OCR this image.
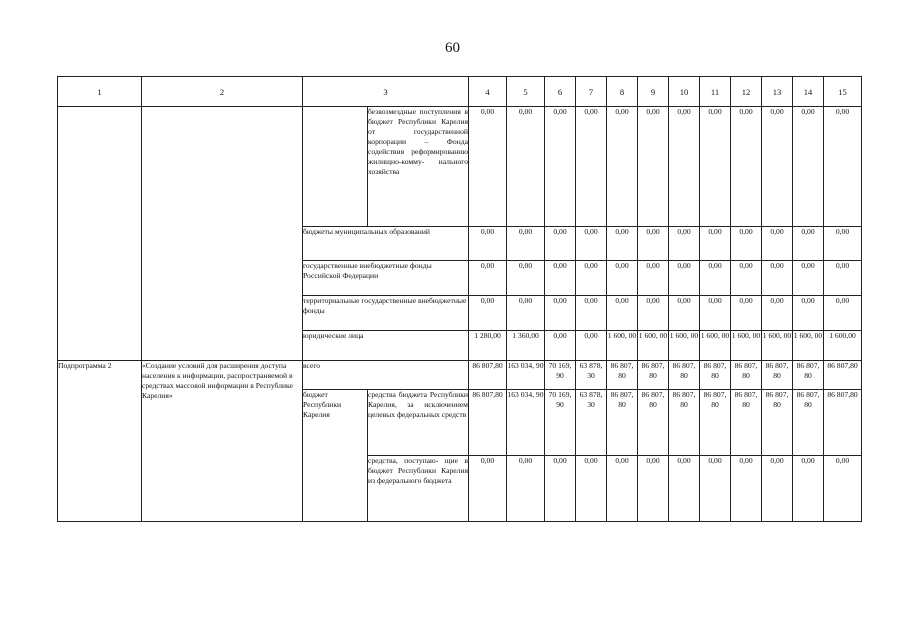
60
1	2	3		4	5	6	7	8	9	10	11	12	13	14	15
			безвозмездные поступления в бюджет Республики Карелия от государственной корпорации – Фонда содействия реформированию жилищно-комму- нального хозяйства	0,00	0,00	0,00	0,00	0,00	0,00	0,00	0,00	0,00	0,00	0,00	0,00
		бюджеты муниципальных образований		0,00	0,00	0,00	0,00	0,00	0,00	0,00	0,00	0,00	0,00	0,00	0,00
		государственные внебюджетные фонды Российской Федерации		0,00	0,00	0,00	0,00	0,00	0,00	0,00	0,00	0,00	0,00	0,00	0,00
		территориальные государственные внебюджетные фонды		0,00	0,00	0,00	0,00	0,00	0,00	0,00	0,00	0,00	0,00	0,00	0,00
		юридические лица		1 280,00	1 360,00	0,00	0,00	1 600, 00	1 600, 00	1 600, 00	1 600, 00	1 600, 00	1 600, 00	1 600, 00	1 600,00
Подпрограмма 2	«Создание условий для расширения доступа населения к информации, распространяемой в средствах массовой информации в Республике Карелия»	всего		86 807,80	163 034, 90	70 169, 90	63 878, 30	86 807, 80	86 807, 80	86 807, 80	86 807, 80	86 807, 80	86 807, 80	86 807, 80	86 807,80
		бюджет Республики Карелия	средства бюджета Республики Карелия, за исключением целевых федеральных средств	86 807,80	163 034, 90	70 169, 90	63 878, 30	86 807, 80	86 807, 80	86 807, 80	86 807, 80	86 807, 80	86 807, 80	86 807, 80	86 807,80
			средства, поступаю- щие в бюджет Республики Карелия из федерального бюджета	0,00	0,00	0,00	0,00	0,00	0,00	0,00	0,00	0,00	0,00	0,00	0,00
